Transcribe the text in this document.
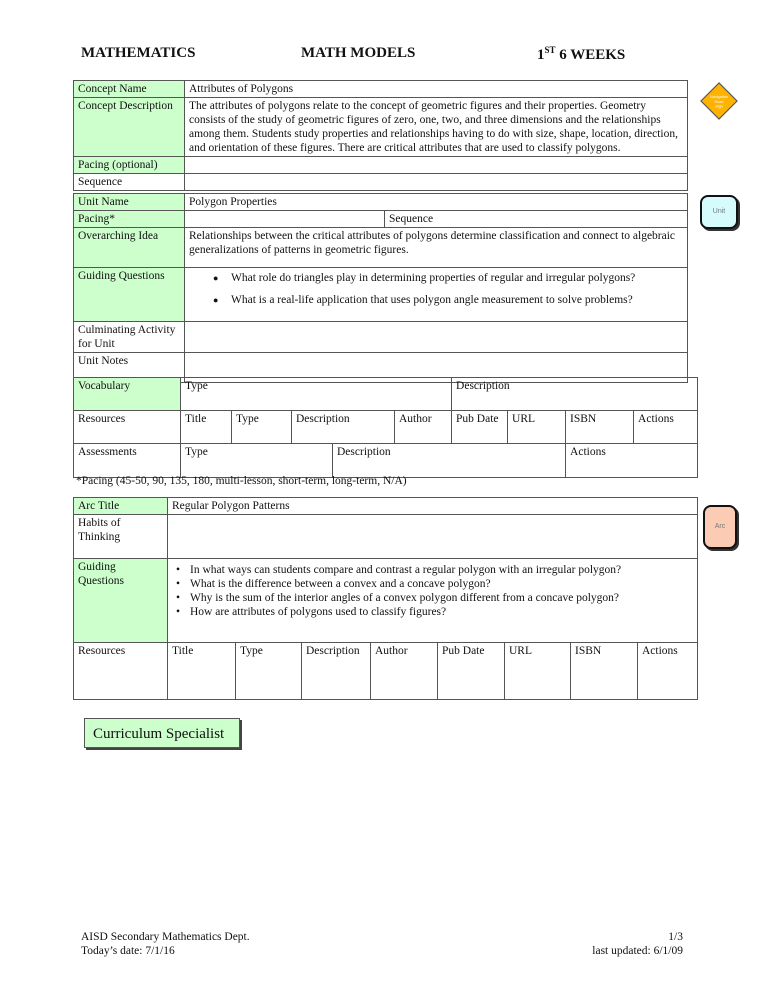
MATHEMATICS	MATH MODELS	1ST 6 WEEKS
Concept Name	Attributes of Polygons
Concept Description	The attributes of polygons relate to the concept of geometric figures and their properties. Geometry consists of the study of geometric figures of zero, one, two, and three dimensions and the relationships among them. Students study properties and relationships having to do with size, shape, location, direction, and orientation of these figures. There are critical attributes that are used to classify polygons.
Pacing (optional)	
Sequence	
Navigation
Road
Sign
Unit Name	Polygon Properties	
Pacing*		Sequence
Overarching Idea	Relationships between the critical attributes of polygons determine classification and connect to algebraic generalizations of patterns in geometric figures.	
Guiding Questions	
●What role do triangles play in determining properties of regular and irregular polygons?
● What is a real-life application that uses polygon angle measurement to solve problems?

Culminating Activity for Unit		
Unit Notes		
Unit
Vocabulary	Type					Description			
Resources	Title	Type	Description		Author	Pub Date	URL	ISBN	Actions
Assessments	Type			Description				Actions	
*Pacing (45-50, 90, 135, 180, multi-lesson, short-term, long-term, N/A)
Arc Title	Regular Polygon Patterns							
Habits of Thinking								
Guiding Questions	
• In what ways can students compare and contrast a regular polygon with an irregular polygon?
• What is the difference between a convex and a concave polygon?
• Why is the sum of the interior angles of a convex polygon different from a concave polygon?
• How are attributes of polygons used to classify figures?

Resources	Title	Type	Description	Author	Pub Date	URL	ISBN	Actions
Arc
Curriculum Specialist
AISD Secondary Mathematics Dept.
Today’s date: 7/1/16
1/3
last updated: 6/1/09
